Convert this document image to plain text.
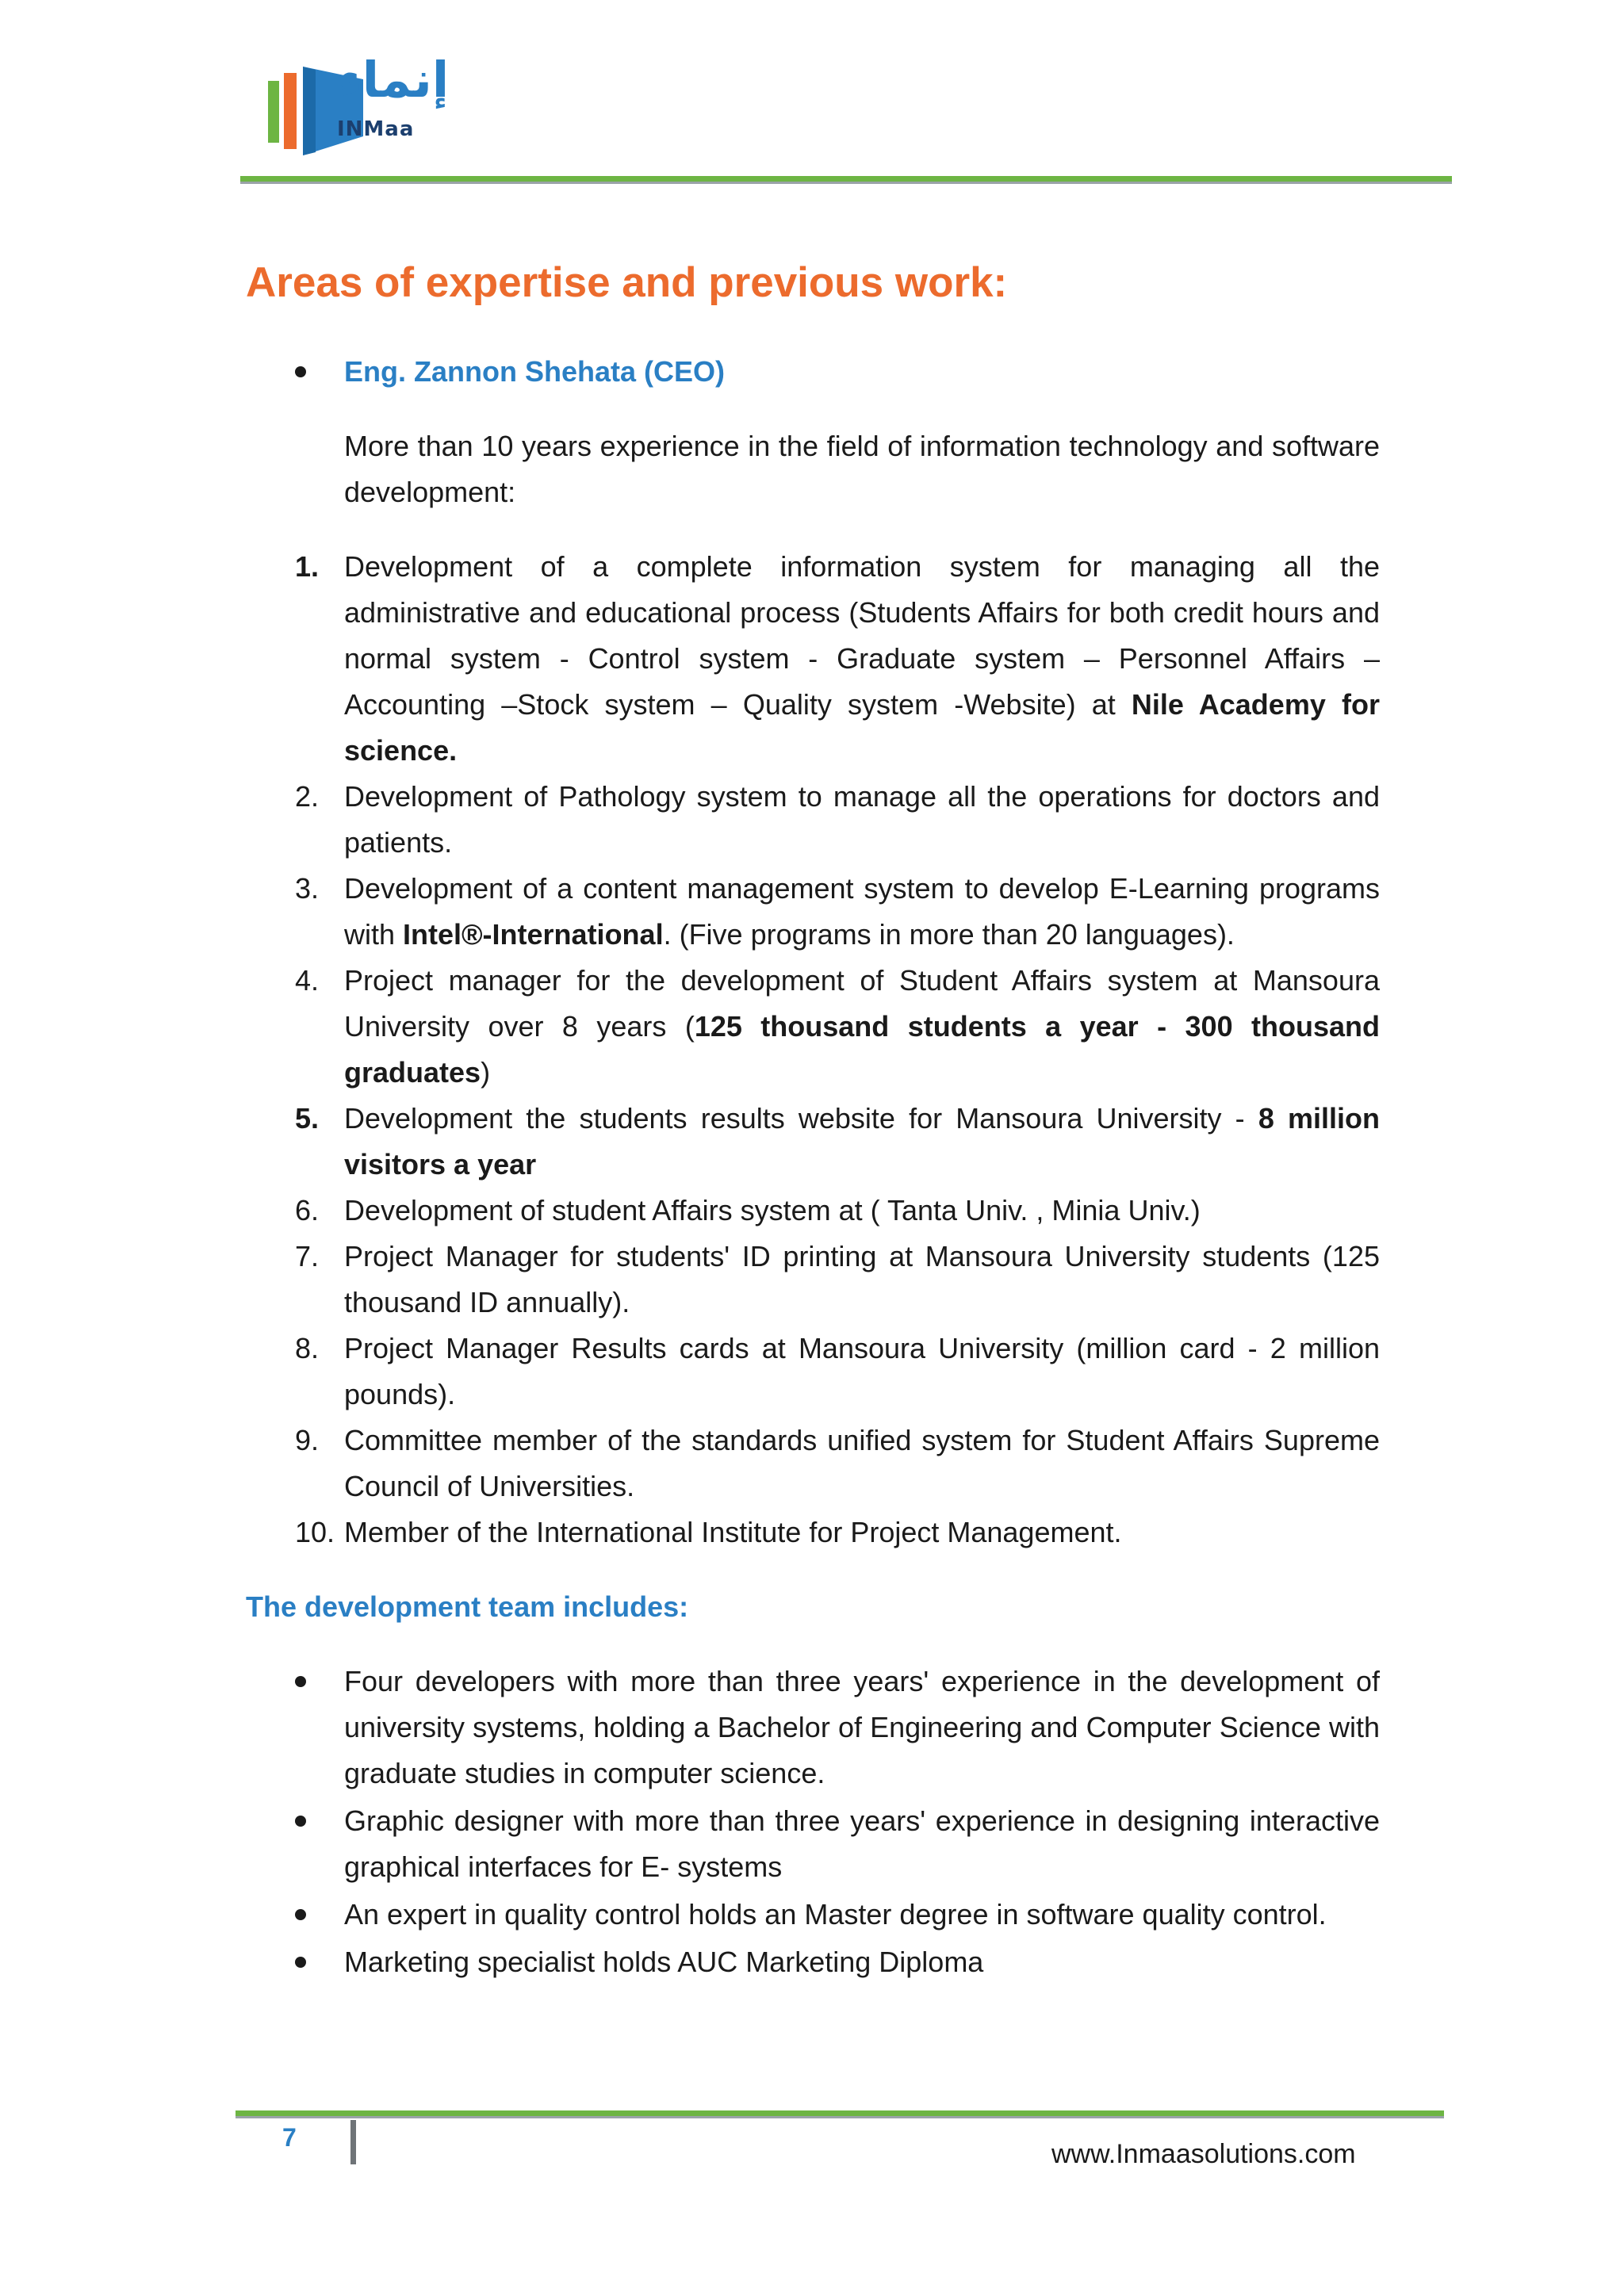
إنماء
INMaa
Areas of expertise and previous work:
Eng. Zannon Shehata (CEO)
More than 10 years experience in the field of information technology and software development:
1. Development of a complete information system for managing all the administrative and educational process (Students Affairs for both credit hours and normal system - Control system - Graduate system – Personnel Affairs – Accounting –Stock system – Quality system -Website) at Nile Academy for science.
2. Development of Pathology system to manage all the operations for doctors and patients.
3. Development of a content management system to develop E-Learning programs with Intel®-International. (Five programs in more than 20 languages).
4. Project manager for the development of Student Affairs system at Mansoura University over 8 years (125 thousand students a year - 300 thousand graduates)
5. Development the students results website for Mansoura University - 8 million visitors a year
6. Development of student Affairs system at ( Tanta Univ. , Minia Univ.)
7. Project Manager for students' ID printing at Mansoura University students (125 thousand ID annually).
8. Project Manager Results cards at Mansoura University (million card - 2 million pounds).
9. Committee member of the standards unified system for Student Affairs Supreme Council of Universities.
10. Member of the International Institute for Project Management.
The development team includes:
Four developers with more than three years' experience in the development of university systems, holding a Bachelor of Engineering and Computer Science with graduate studies in computer science.
Graphic designer with more than three years' experience in designing interactive graphical interfaces for E- systems
An expert in quality control holds an Master degree in software quality control.
Marketing specialist holds AUC Marketing Diploma
7
www.Inmaasolutions.com
